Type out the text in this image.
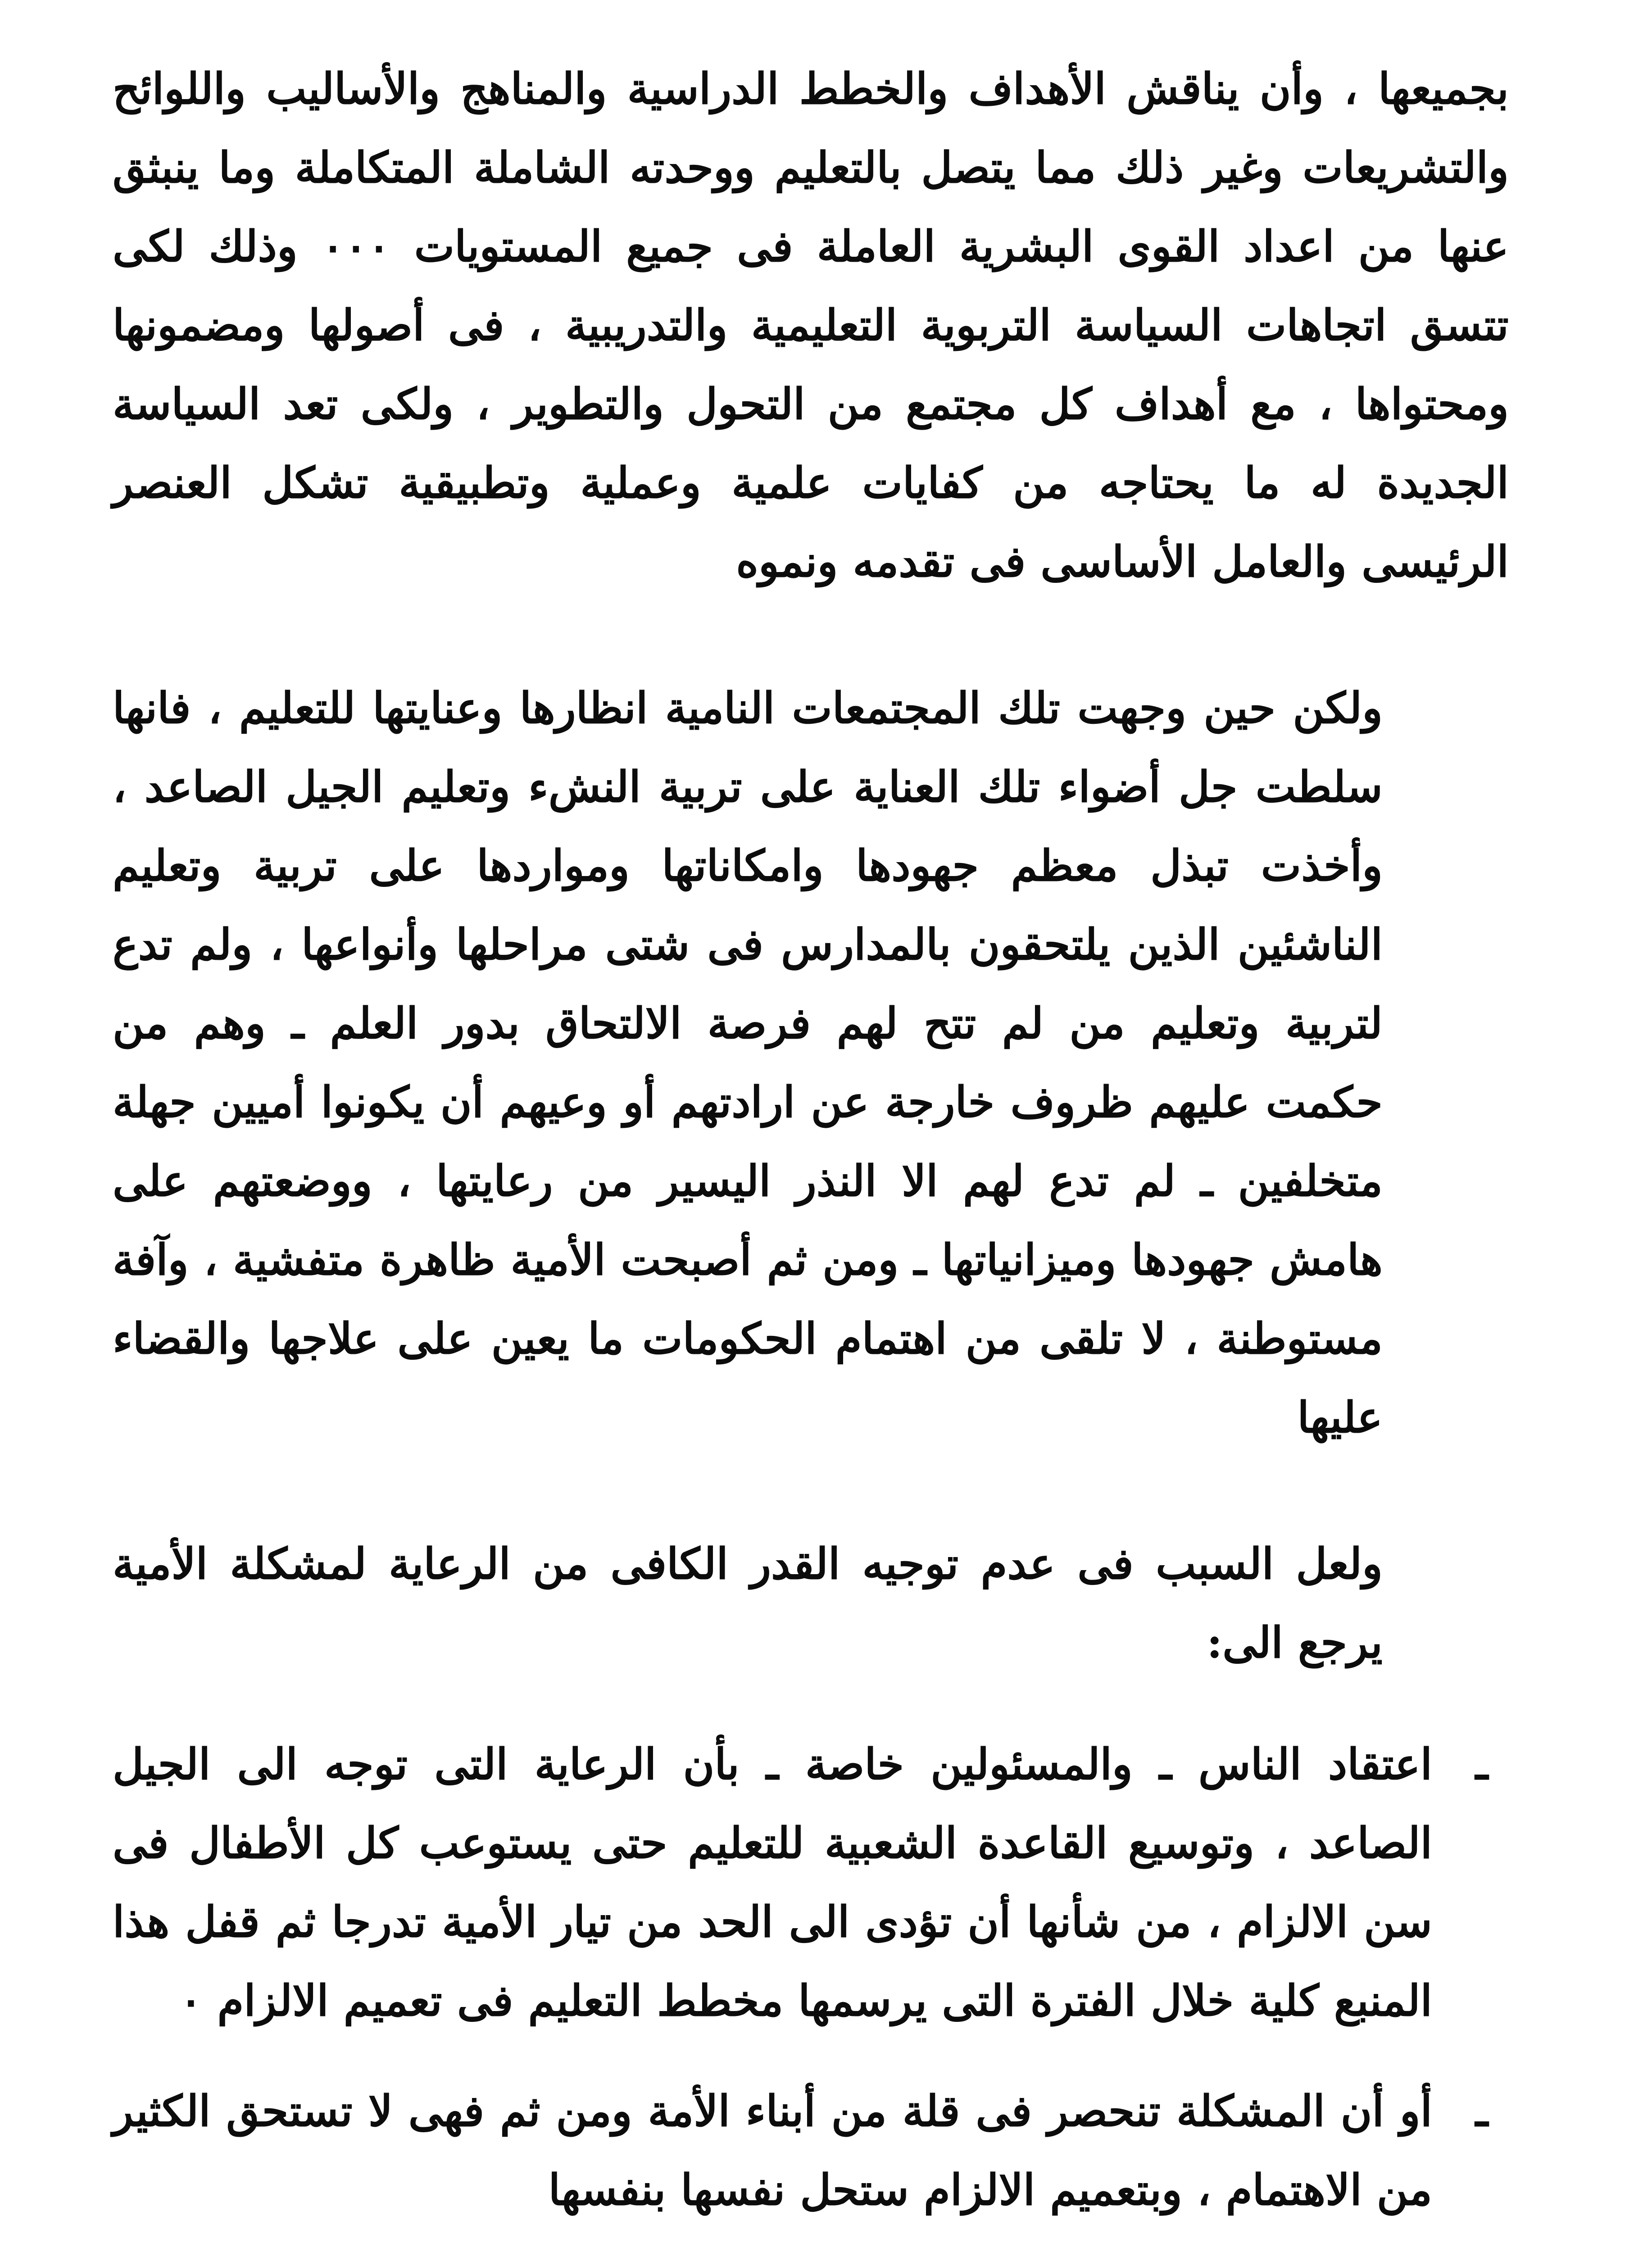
بجميعها ، وأن يناقش الأهداف والخطط الدراسية والمناهج والأساليب واللوائح والتشريعات وغير ذلك مما يتصل بالتعليم ووحدته الشاملة المتكاملة وما ينبثق عنها من اعداد القوى البشرية العاملة فى جميع المستويات ٠٠٠ وذلك لكى تتسق اتجاهات السياسة التربوية التعليمية والتدريبية ، فى أصولها ومضمونها ومحتواها ، مع أهداف كل مجتمع من التحول والتطوير ، ولكى تعد السياسة الجديدة له ما يحتاجه من كفايات علمية وعملية وتطبيقية تشكل العنصر الرئيسى والعامل الأساسى فى تقدمه ونموه

ولكن حين وجهت تلك المجتمعات النامية انظارها وعنايتها للتعليم ، فانها سلطت جل أضواء تلك العناية على تربية النشء وتعليم الجيل الصاعد ، وأخذت تبذل معظم جهودها وامكاناتها ومواردها على تربية وتعليم الناشئين الذين يلتحقون بالمدارس فى شتى مراحلها وأنواعها ، ولم تدع لتربية وتعليم من لم تتح لهم فرصة الالتحاق بدور العلم ـ وهم من حكمت عليهم ظروف خارجة عن ارادتهم أو وعيهم أن يكونوا أميين جهلة متخلفين ـ لم تدع لهم الا النذر اليسير من رعايتها ، ووضعتهم على هامش جهودها وميزانياتها ـ ومن ثم أصبحت الأمية ظاهرة متفشية ، وآفة مستوطنة ، لا تلقى من اهتمام الحكومات ما يعين على علاجها والقضاء عليها

ولعل السبب فى عدم توجيه القدر الكافى من الرعاية لمشكلة الأمية يرجع الى:

ـ
اعتقاد الناس ـ والمسئولين خاصة ـ بأن الرعاية التى توجه الى الجيل الصاعد ، وتوسيع القاعدة الشعبية للتعليم حتى يستوعب كل الأطفال فى سن الالزام ، من شأنها أن تؤدى الى الحد من تيار الأمية تدرجا ثم قفل هذا المنبع كلية خلال الفترة التى يرسمها مخطط التعليم فى تعميم الالزام ٠
ـ
أو أن المشكلة تنحصر فى قلة من أبناء الأمة ومن ثم فهى لا تستحق الكثير من الاهتمام ، وبتعميم الالزام ستحل نفسها بنفسها
